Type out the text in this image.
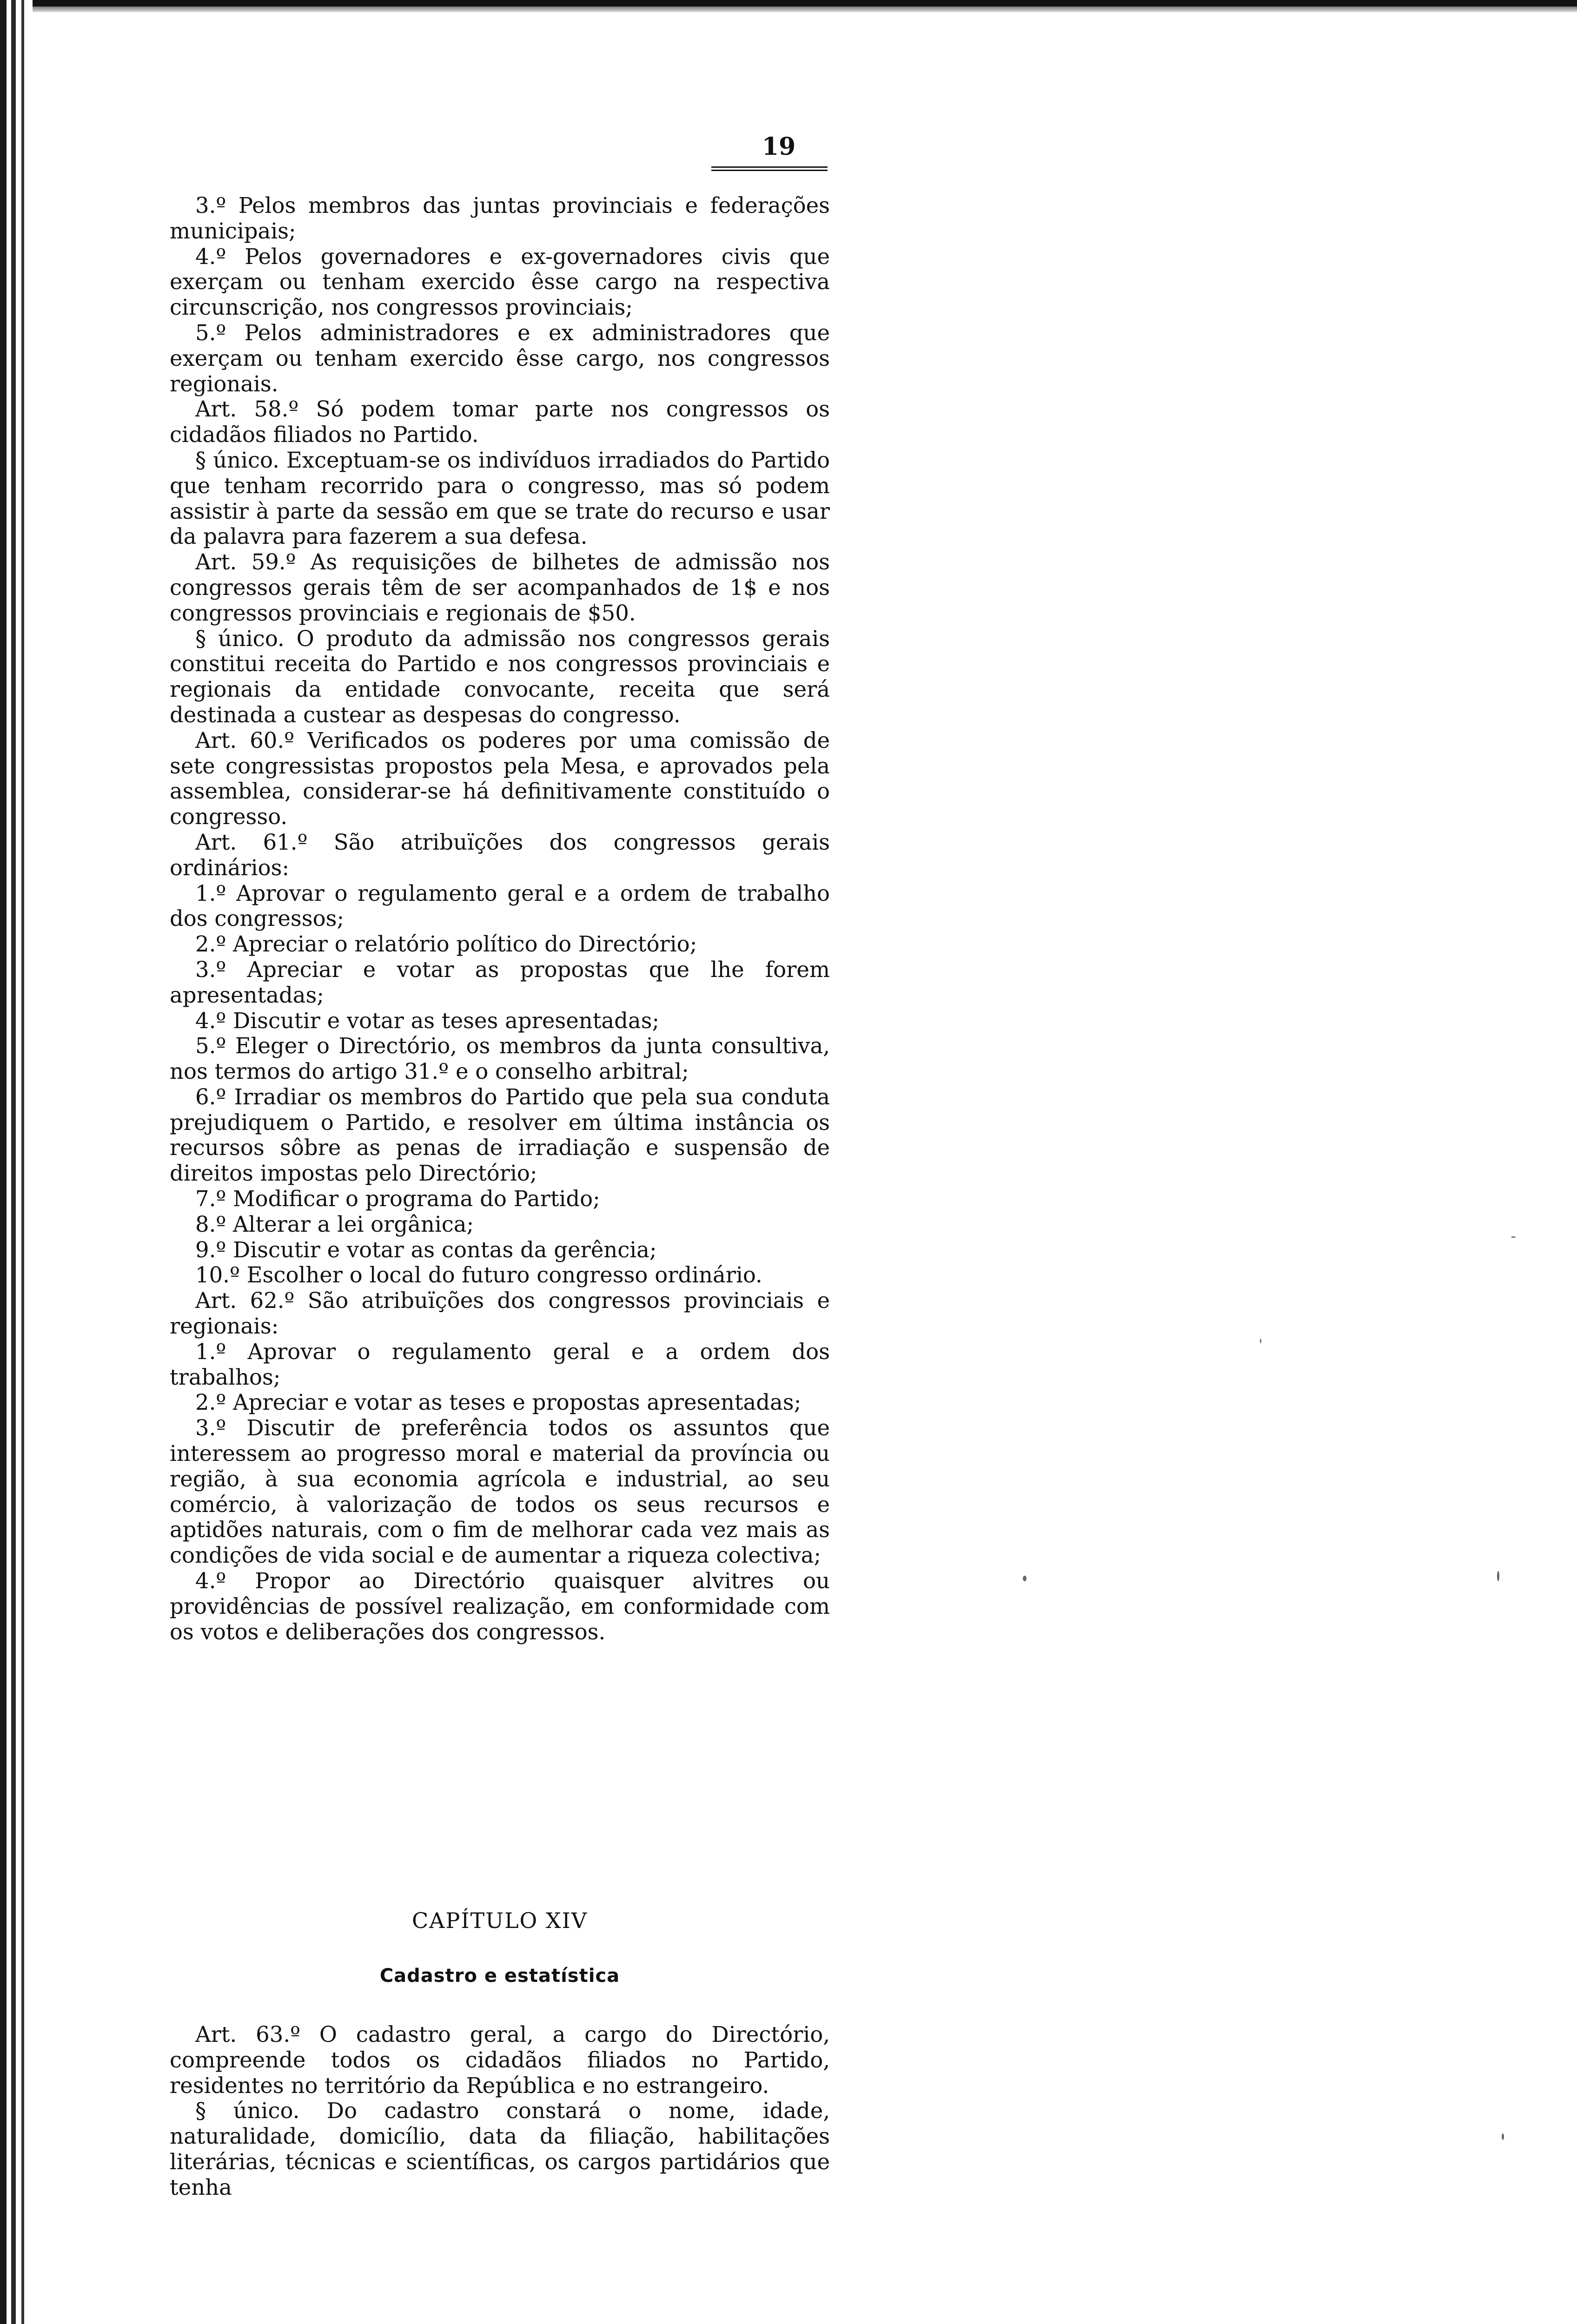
19

3.º Pelos membros das juntas provinciais e federações municipais;

4.º Pelos governadores e ex-governadores civis que exerçam ou tenham exercido êsse cargo na respectiva circunscrição, nos congressos provinciais;

5.º Pelos administradores e ex administradores que exerçam ou tenham exercido êsse cargo, nos congressos regionais.

Art. 58.º Só podem tomar parte nos congressos os cidadãos filiados no Partido.

§ único. Exceptuam-se os indivíduos irradiados do Partido que tenham recorrido para o congresso, mas só podem assistir à parte da sessão em que se trate do recurso e usar da palavra para fazerem a sua defesa.

Art. 59.º As requisições de bilhetes de admissão nos congressos gerais têm de ser acompanhados de 1$ e nos congressos provinciais e regionais de $50.

§ único. O produto da admissão nos congressos gerais constitui receita do Partido e nos congressos provinciais e regionais da entidade convocante, receita que será destinada a custear as despesas do congresso.

Art. 60.º Verificados os poderes por uma comissão de sete congressistas propostos pela Mesa, e aprovados pela assemblea, considerar-se há definitivamente constituído o congresso.

Art. 61.º São atribuïções dos congressos gerais ordinários:

1.º Aprovar o regulamento geral e a ordem de trabalho dos congressos;

2.º Apreciar o relatório político do Directório;

3.º Apreciar e votar as propostas que lhe forem apresentadas;

4.º Discutir e votar as teses apresentadas;

5.º Eleger o Directório, os membros da junta consultiva, nos termos do artigo 31.º e o conselho arbitral;

6.º Irradiar os membros do Partido que pela sua conduta prejudiquem o Partido, e resolver em última instância os recursos sôbre as penas de irradiação e suspensão de direitos impostas pelo Directório;

7.º Modificar o programa do Partido;

8.º Alterar a lei orgânica;

9.º Discutir e votar as contas da gerência;

10.º Escolher o local do futuro congresso ordinário.

Art. 62.º São atribuïções dos congressos provinciais e regionais:

1.º Aprovar o regulamento geral e a ordem dos trabalhos;

2.º Apreciar e votar as teses e propostas apresentadas;

3.º Discutir de preferência todos os assuntos que interessem ao progresso moral e material da província ou região, à sua economia agrícola e industrial, ao seu comércio, à valorização de todos os seus recursos e aptidões naturais, com o fim de melhorar cada vez mais as condições de vida social e de aumentar a riqueza colectiva;

4.º Propor ao Directório quaisquer alvitres ou providências de possível realização, em conformidade com os votos e deliberações dos congressos.

CAPÍTULO XIV
Cadastro e estatística

Art. 63.º O cadastro geral, a cargo do Directório, compreende todos os cidadãos filiados no Partido, residentes no território da República e no estrangeiro.

§ único. Do cadastro constará o nome, idade, naturalidade, domicílio, data da filiação, habilitações literárias, técnicas e scientíficas, os cargos partidários que tenha
